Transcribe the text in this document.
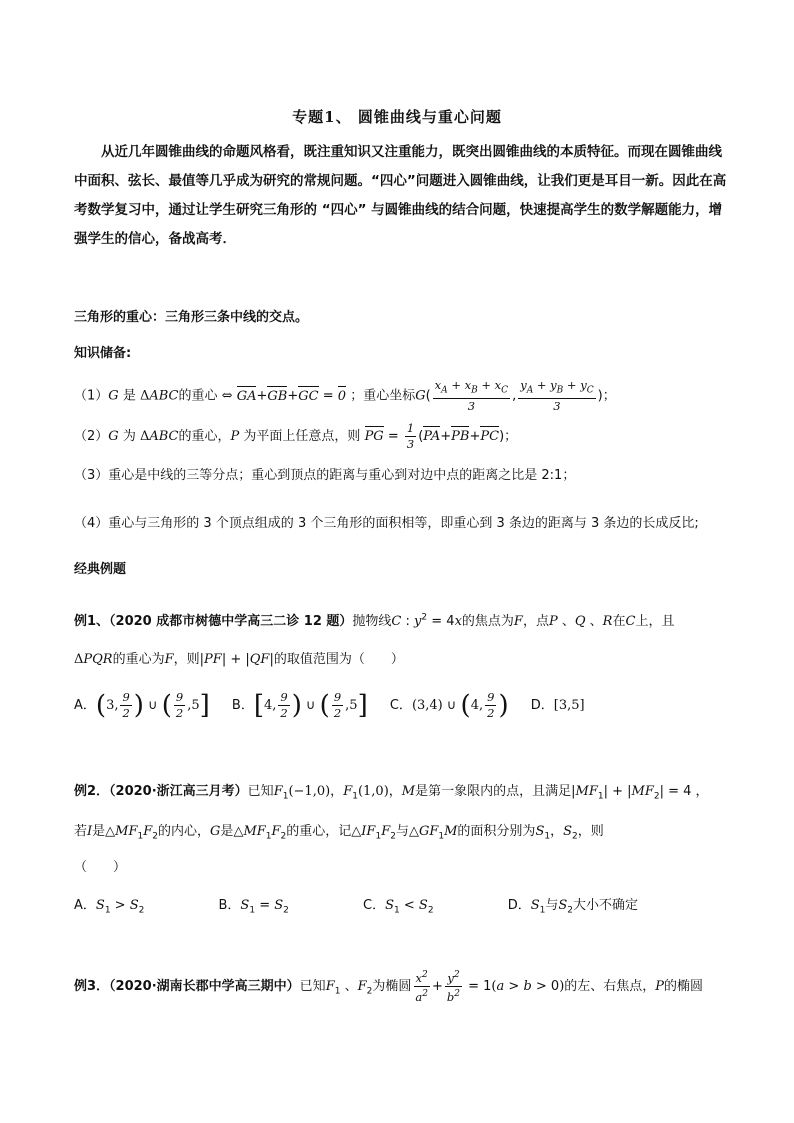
专题1、 圆锥曲线与重心问题
从近几年圆锥曲线的命题风格看，既注重知识又注重能力，既突出圆锥曲线的本质特征。而现在圆锥曲线中面积、弦长、最值等几乎成为研究的常规问题。“四心”问题进入圆锥曲线，让我们更是耳目一新。因此在高考数学复习中，通过让学生研究三角形的 “四心” 与圆锥曲线的结合问题，快速提高学生的数学解题能力，增强学生的信心，备战高考．
三角形的重心：三角形三条中线的交点。
知识储备:
（1）G 是 ΔABC的重心 ⇔ GA+GB+GC = 0 ；重心坐标$G( \frac{x_A + x_B + x_C}{3}$ , $\frac{y_A + y_B + y_C}{3}$ )；
（2）G 为 ΔABC的重心，P 为平面上任意点，则 PG = $\frac{1}{3} (PA+PB+PC)$；
（3）重心是中线的三等分点；重心到顶点的距离与重心到对边中点的距离之比是 2:1；
（4）重心与三角形的 3 个顶点组成的 3 个三角形的面积相等，即重心到 3 条边的距离与 3 条边的长成反比;
经典例题
例1、（2020 成都市树德中学高三二诊 12 题）抛物线C : $y^2 = 4x$的焦点为F，点P 、Q 、R在C上，且
ΔPQR的重心为F，则|PF| + |QF|的取值范围为（　　）
A．(3, $\frac{9}{2}$ ) ∪ ( $\frac{9}{2} ,5$] B．[4, $\frac{9}{2}$ ) ∪ ( $\frac{9}{2} ,5$] C．(3,4) ∪ (4, $\frac{9}{2}$ ) D．[3,5]
例2．（2020·浙江高三月考）已知$F_1(-1,0)$，$F_1(1,0)$，M是第一象限内的点，且满足$|MF_1| + |MF_2| = 4$ ，
若I是$\triangle MF_1F_2$的内心，G是$\triangle MF_1F_2$的重心，记$\triangle IF_1F_2$与$\triangle GF_1M$的面积分别为$S_1$，$S_2$，则
（　　）
A．$S_1 > S_2$	B．$S_1 = S_2$	C．$S_1 < S_2$	D．$S_1$与$S_2$大小不确定
例3．（2020·湖南长郡中学高三期中）已知$F_1$ 、$F_2$为椭圆 $\frac{x^2}{a^2} + \frac{y^2}{b^2} = 1(a > b > 0)$的左、右焦点，P的椭圆
